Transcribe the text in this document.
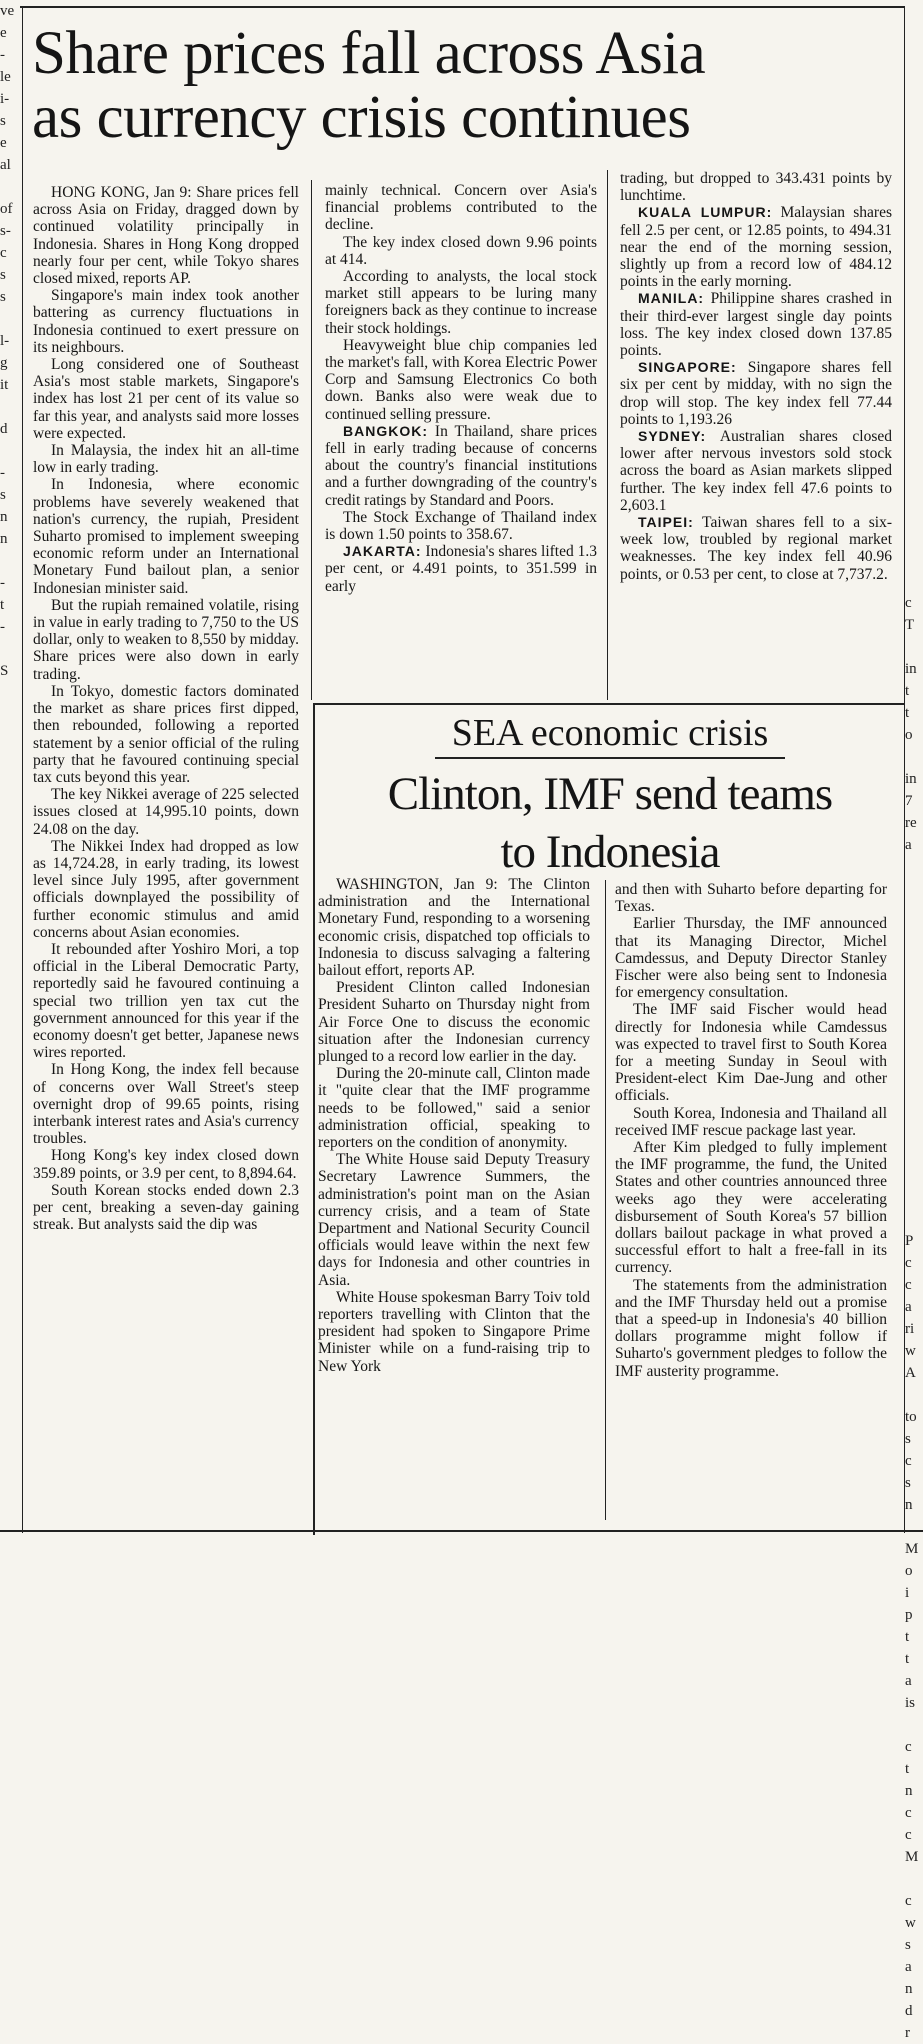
ve
e
-
le
i-
s
e
al

of
s-
c
s
s

l-
g
it

d

-
s
n
n

-
t
-

S

c
T

in
t
t
o

in
7
re
a

P
c
c
a
ri
w
A

to
s
c
s
n

M
o
i
p
t
t
a
is

c
t
n
c
c
M

c
w
s
a
n
d
r
Share prices fall across Asia
as currency crisis continues

HONG KONG, Jan 9: Share prices fell across Asia on Friday, dragged down by continued volatility principally in Indonesia. Shares in Hong Kong dropped nearly four per cent, while Tokyo shares closed mixed, reports AP.

Singapore's main index took another battering as currency fluctuations in Indonesia continued to exert pressure on its neighbours.

Long considered one of Southeast Asia's most stable markets, Singapore's index has lost 21 per cent of its value so far this year, and analysts said more losses were expected.

In Malaysia, the index hit an all-time low in early trading.

In Indonesia, where economic problems have severely weakened that nation's currency, the rupiah, President Suharto promised to implement sweeping economic reform under an International Monetary Fund bailout plan, a senior Indonesian minister said.

But the rupiah remained volatile, rising in value in early trading to 7,750 to the US dollar, only to weaken to 8,550 by midday. Share prices were also down in early trading.

In Tokyo, domestic factors dominated the market as share prices first dipped, then rebounded, following a reported statement by a senior official of the ruling party that he favoured continuing special tax cuts beyond this year.

The key Nikkei average of 225 selected issues closed at 14,995.10 points, down 24.08 on the day.

The Nikkei Index had dropped as low as 14,724.28, in early trading, its lowest level since July 1995, after government officials downplayed the possibility of further economic stimulus and amid concerns about Asian economies.

It rebounded after Yoshiro Mori, a top official in the Liberal Democratic Party, reportedly said he favoured continuing a special two trillion yen tax cut the government announced for this year if the economy doesn't get better, Japanese news wires reported.

In Hong Kong, the index fell because of concerns over Wall Street's steep overnight drop of 99.65 points, rising interbank interest rates and Asia's currency troubles.

Hong Kong's key index closed down 359.89 points, or 3.9 per cent, to 8,894.64.

South Korean stocks ended down 2.3 per cent, breaking a seven-day gaining streak. But analysts said the dip was

mainly technical. Concern over Asia's financial problems contributed to the decline.

The key index closed down 9.96 points at 414.

According to analysts, the local stock market still appears to be luring many foreigners back as they continue to increase their stock holdings.

Heavyweight blue chip companies led the market's fall, with Korea Electric Power Corp and Samsung Electronics Co both down. Banks also were weak due to continued selling pressure.

BANGKOK: In Thailand, share prices fell in early trading because of concerns about the country's financial institutions and a further downgrading of the country's credit ratings by Standard and Poors.

The Stock Exchange of Thailand index is down 1.50 points to 358.67.

JAKARTA: Indonesia's shares lifted 1.3 per cent, or 4.491 points, to 351.599 in early

trading, but dropped to 343.431 points by lunchtime.

KUALA LUMPUR: Malaysian shares fell 2.5 per cent, or 12.85 points, to 494.31 near the end of the morning session, slightly up from a record low of 484.12 points in the early morning.

MANILA: Philippine shares crashed in their third-ever largest single day points loss. The key index closed down 137.85 points.

SINGAPORE: Singapore shares fell six per cent by midday, with no sign the drop will stop. The key index fell 77.44 points to 1,193.26

SYDNEY: Australian shares closed lower after nervous investors sold stock across the board as Asian markets slipped further. The key index fell 47.6 points to 2,603.1

TAIPEI: Taiwan shares fell to a six-week low, troubled by regional market weaknesses. The key index fell 40.96 points, or 0.53 per cent, to close at 7,737.2.

SEA economic crisis
Clinton, IMF send teams
to Indonesia

WASHINGTON, Jan 9: The Clinton administration and the International Monetary Fund, responding to a worsening economic crisis, dispatched top officials to Indonesia to discuss salvaging a faltering bailout effort, reports AP.

President Clinton called Indonesian President Suharto on Thursday night from Air Force One to discuss the economic situation after the Indonesian currency plunged to a record low earlier in the day.

During the 20-minute call, Clinton made it "quite clear that the IMF programme needs to be followed," said a senior administration official, speaking to reporters on the condition of anonymity.

The White House said Deputy Treasury Secretary Lawrence Summers, the administration's point man on the Asian currency crisis, and a team of State Department and National Security Council officials would leave within the next few days for Indonesia and other countries in Asia.

White House spokesman Barry Toiv told reporters travelling with Clinton that the president had spoken to Singapore Prime Minister while on a fund-raising trip to New York

and then with Suharto before departing for Texas.

Earlier Thursday, the IMF announced that its Managing Director, Michel Camdessus, and Deputy Director Stanley Fischer were also being sent to Indonesia for emergency consultation.

The IMF said Fischer would head directly for Indonesia while Camdessus was expected to travel first to South Korea for a meeting Sunday in Seoul with President-elect Kim Dae-Jung and other officials.

South Korea, Indonesia and Thailand all received IMF rescue package last year.

After Kim pledged to fully implement the IMF programme, the fund, the United States and other countries announced three weeks ago they were accelerating disbursement of South Korea's 57 billion dollars bailout package in what proved a successful effort to halt a free-fall in its currency.

The statements from the administration and the IMF Thursday held out a promise that a speed-up in Indonesia's 40 billion dollars programme might follow if Suharto's government pledges to follow the IMF austerity programme.
